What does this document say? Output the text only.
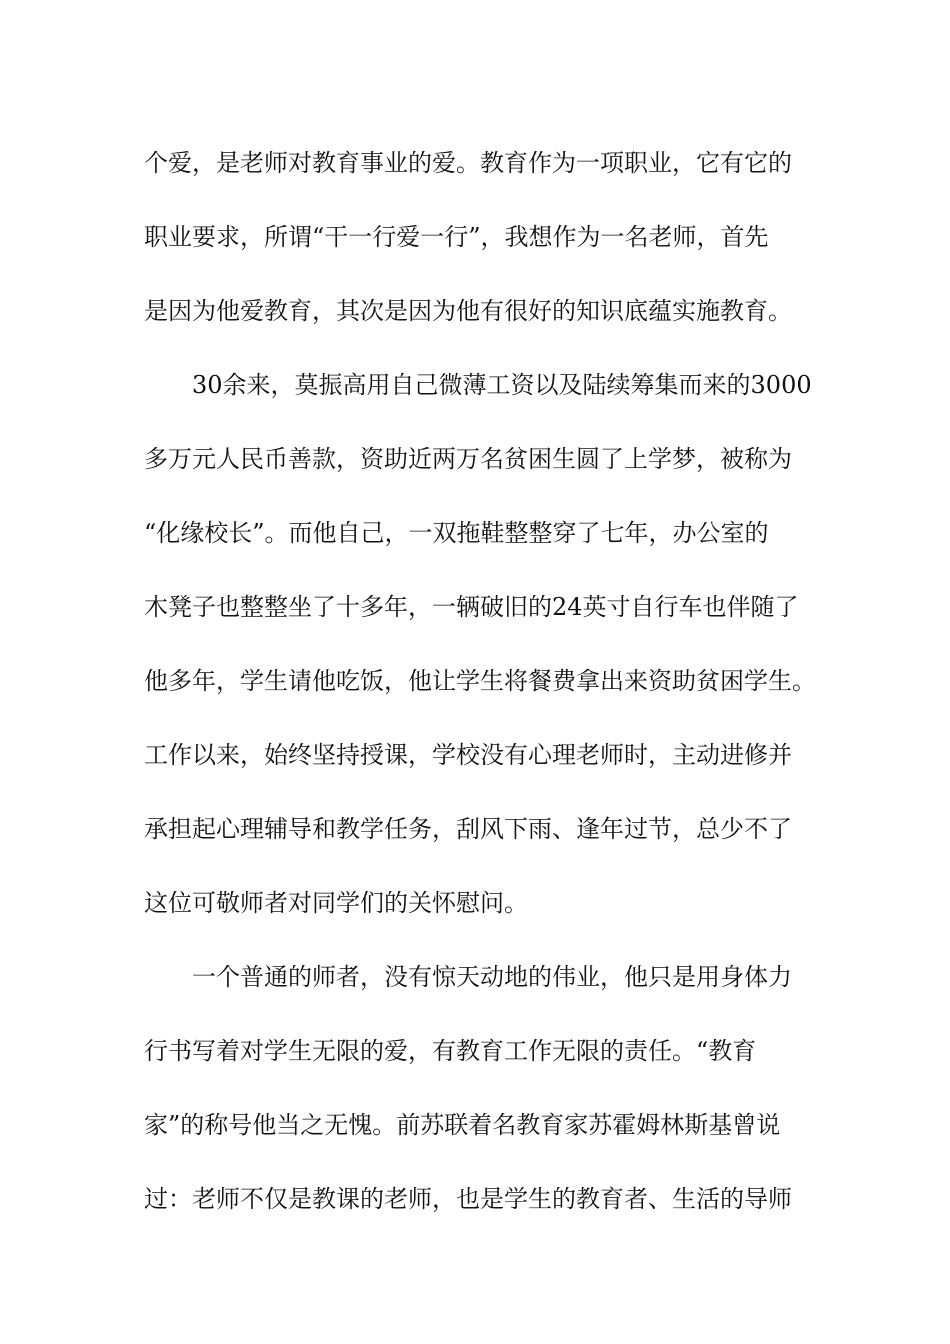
个爱，是老师对教育事业的爱。教育作为一项职业，它有它的
职业要求，所谓“干一行爱一行”，我想作为一名老师，首先
是因为他爱教育，其次是因为他有很好的知识底蕴实施教育。
30余来，莫振高用自己微薄工资以及陆续筹集而来的3000
多万元人民币善款，资助近两万名贫困生圆了上学梦，被称为
“化缘校长”。而他自己，一双拖鞋整整穿了七年，办公室的
木凳子也整整坐了十多年，一辆破旧的24英寸自行车也伴随了
他多年，学生请他吃饭，他让学生将餐费拿出来资助贫困学生。
工作以来，始终坚持授课，学校没有心理老师时，主动进修并
承担起心理辅导和教学任务，刮风下雨、逢年过节，总少不了
这位可敬师者对同学们的关怀慰问。
一个普通的师者，没有惊天动地的伟业，他只是用身体力
行书写着对学生无限的爱，有教育工作无限的责任。“教育
家”的称号他当之无愧。前苏联着名教育家苏霍姆林斯基曾说
过：老师不仅是教课的老师，也是学生的教育者、生活的导师
